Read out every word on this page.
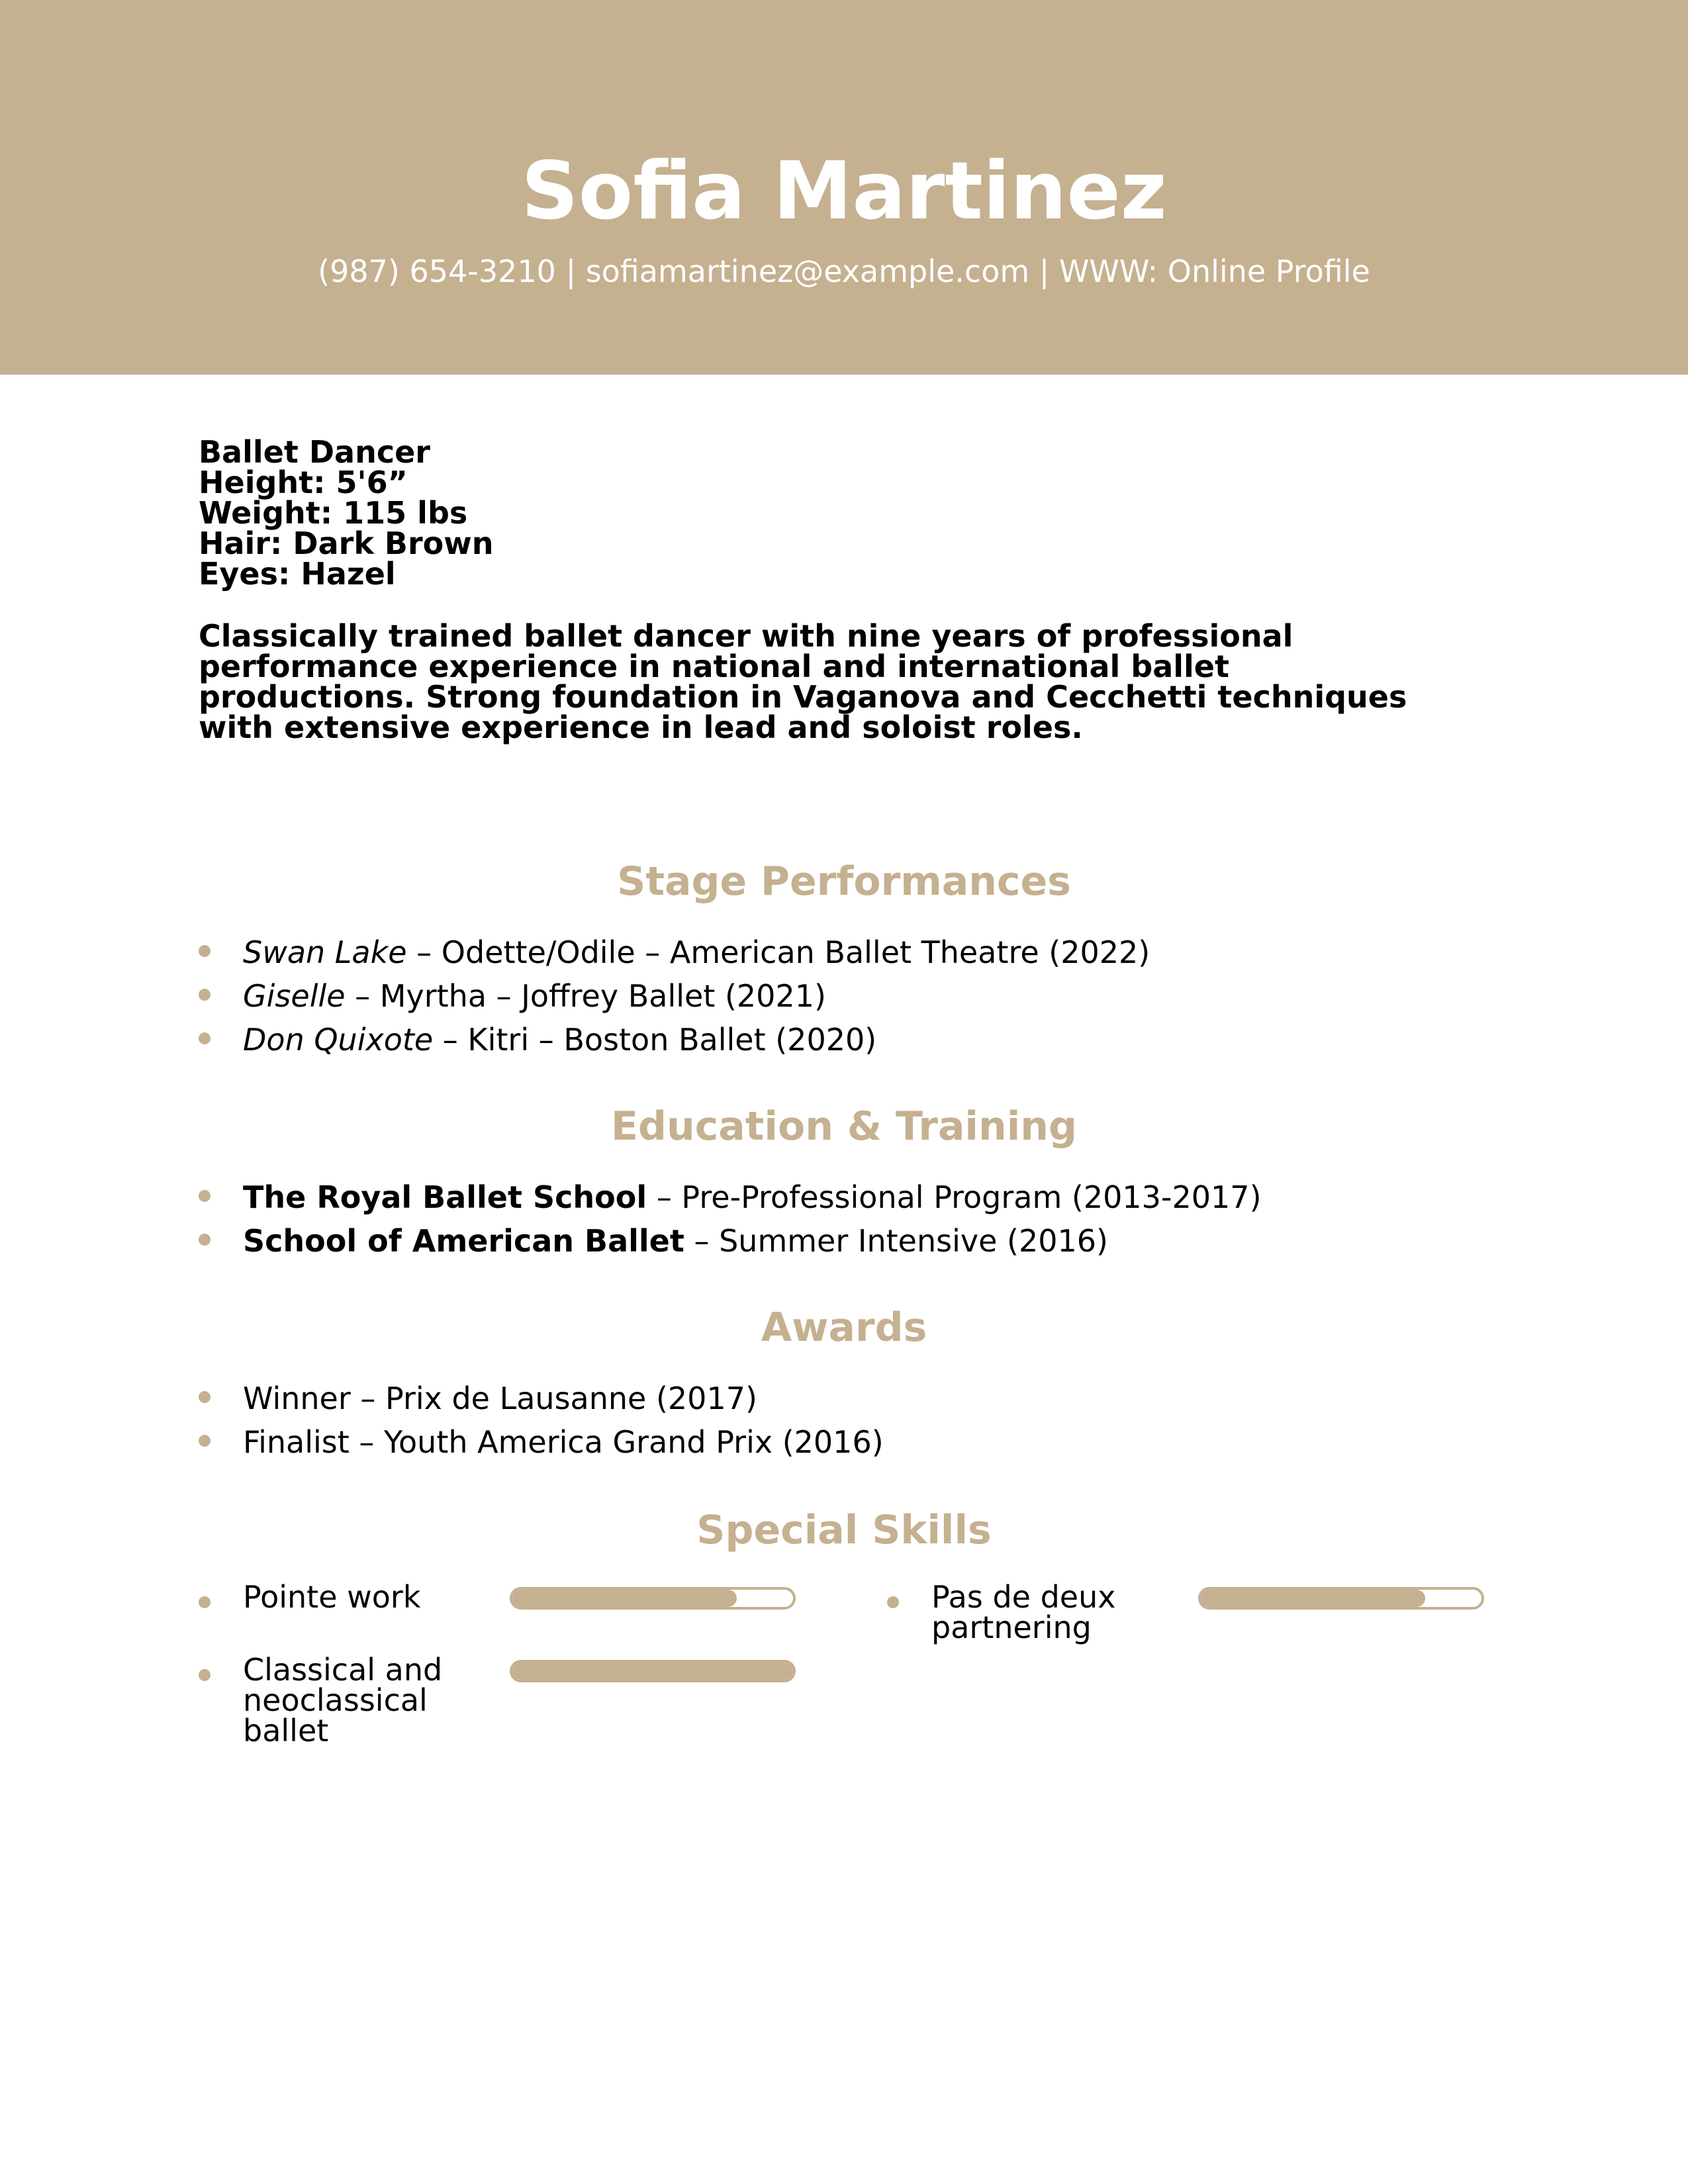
Sofia Martinez
(987) 654-3210 | sofiamartinez@example.com | WWW: Online Profile

Ballet Dancer

Height: 5'6”

Weight: 115 lbs

Hair: Dark Brown

Eyes: Hazel

Classically trained ballet dancer with nine years of professional performance experience in national and international ballet productions. Strong foundation in Vaganova and Cecchetti techniques with extensive experience in lead and soloist roles.
Stage Performances
Swan Lake – Odette/Odile – American Ballet Theatre (2022)
Giselle – Myrtha – Joffrey Ballet (2021)
Don Quixote – Kitri – Boston Ballet (2020)
Education & Training
The Royal Ballet School – Pre-Professional Program (2013-2017)
School of American Ballet – Summer Intensive (2016)
Awards
Winner – Prix de Lausanne (2017)
Finalist – Youth America Grand Prix (2016)
Special Skills
Pointe work	Pas de deux partnering
Classical and neoclassical ballet
